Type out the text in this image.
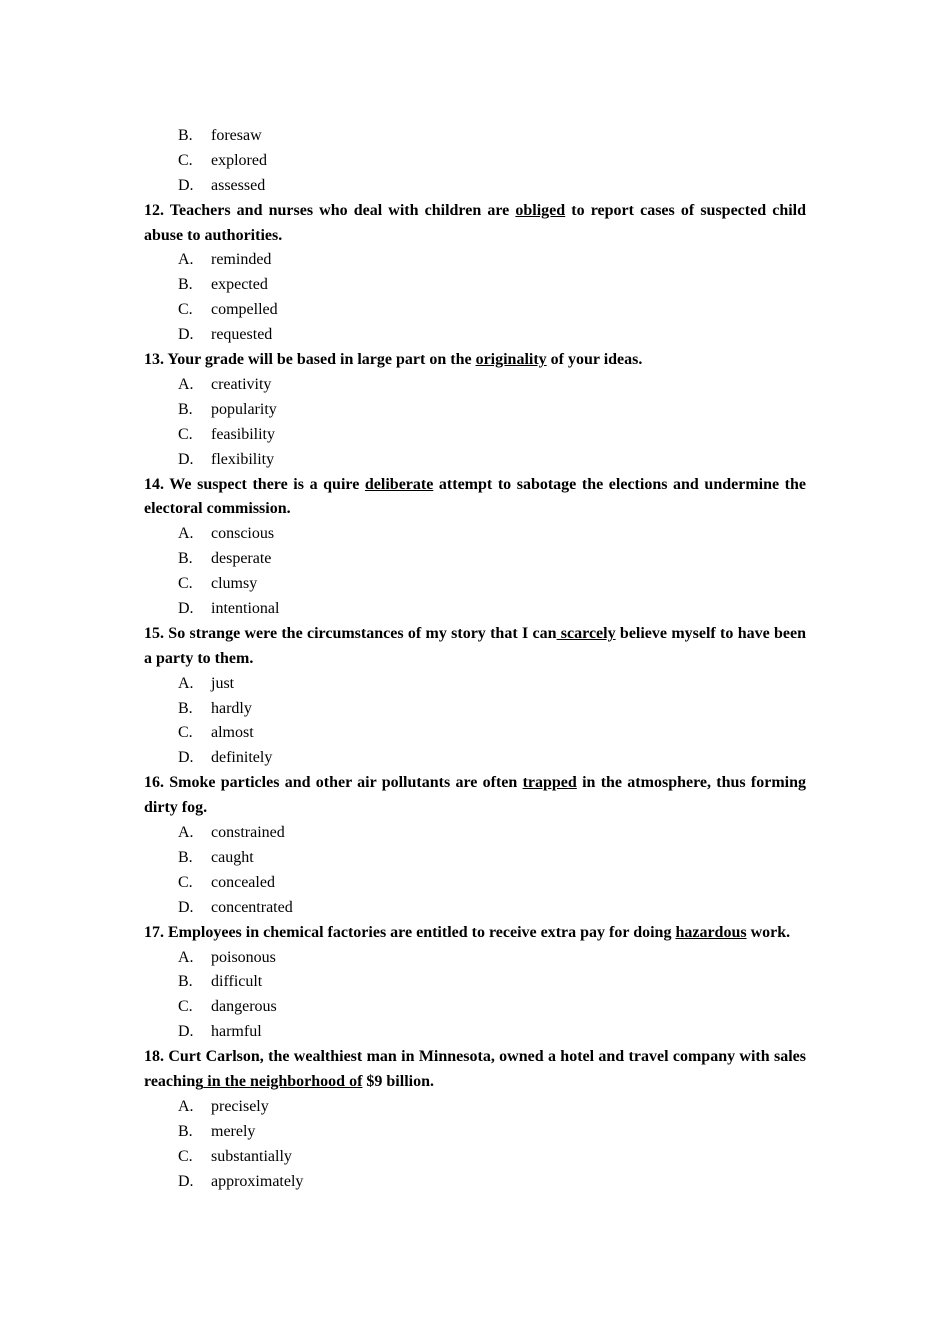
B. foresaw
C. explored
D. assessed
12. Teachers and nurses who deal with children are obliged to report cases of suspected child abuse to authorities.
A. reminded
B. expected
C. compelled
D. requested
13. Your grade will be based in large part on the originality of your ideas.
A. creativity
B. popularity
C. feasibility
D. flexibility
14. We suspect there is a quire deliberate attempt to sabotage the elections and undermine the electoral commission.
A. conscious
B. desperate
C. clumsy
D. intentional
15. So strange were the circumstances of my story that I can scarcely believe myself to have been a party to them.
A. just
B. hardly
C. almost
D. definitely
16. Smoke particles and other air pollutants are often trapped in the atmosphere, thus forming dirty fog.
A. constrained
B. caught
C. concealed
D. concentrated
17. Employees in chemical factories are entitled to receive extra pay for doing hazardous work.
A. poisonous
B. difficult
C. dangerous
D. harmful
18. Curt Carlson, the wealthiest man in Minnesota, owned a hotel and travel company with sales reaching in the neighborhood of $9 billion.
A. precisely
B. merely
C. substantially
D. approximately
